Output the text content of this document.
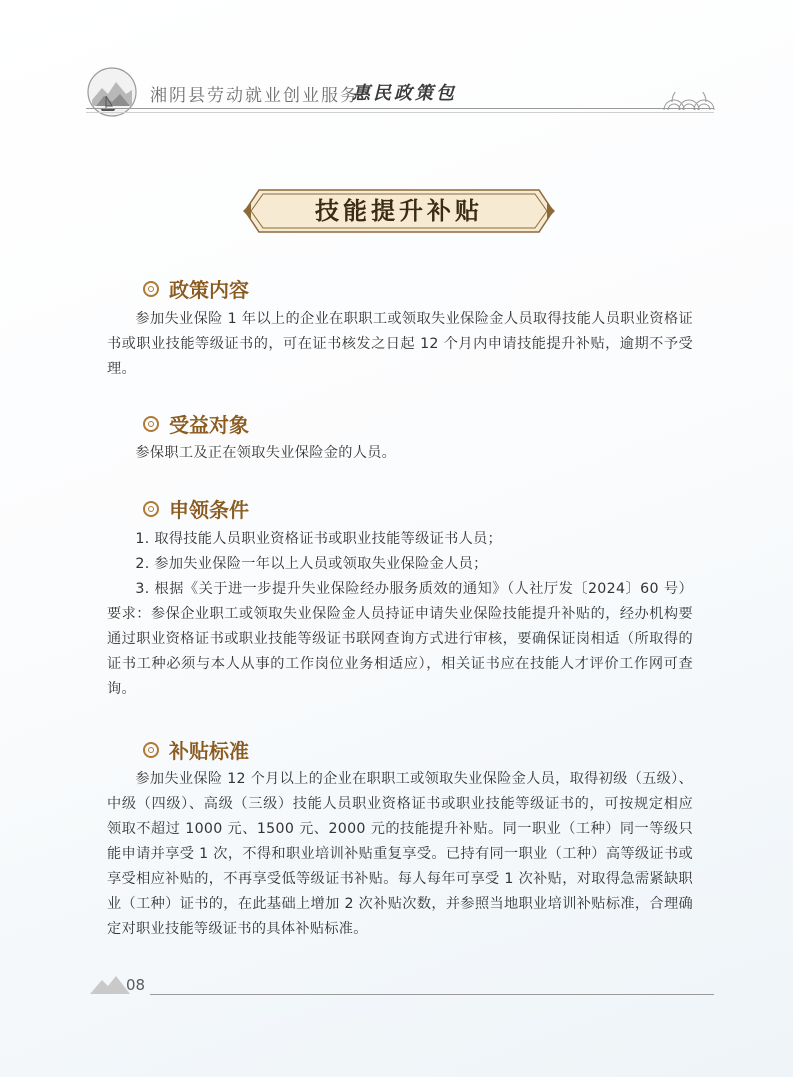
湘阴县劳动就业创业服务
惠民政策包
技能提升补贴
政策内容

参加失业保险 1 年以上的企业在职职工或领取失业保险金人员取得技能人员职业资格证书或职业技能等级证书的，可在证书核发之日起 12 个月内申请技能提升补贴，逾期不予受理。

受益对象

参保职工及正在领取失业保险金的人员。

申领条件

1. 取得技能人员职业资格证书或职业技能等级证书人员；

2. 参加失业保险一年以上人员或领取失业保险金人员；

3. 根据《关于进一步提升失业保险经办服务质效的通知》（人社厅发〔2024〕60 号）要求：参保企业职工或领取失业保险金人员持证申请失业保险技能提升补贴的，经办机构要通过职业资格证书或职业技能等级证书联网查询方式进行审核，要确保证岗相适（所取得的证书工种必须与本人从事的工作岗位业务相适应），相关证书应在技能人才评价工作网可查询。

补贴标准

参加失业保险 12 个月以上的企业在职职工或领取失业保险金人员，取得初级（五级）、中级（四级）、高级（三级）技能人员职业资格证书或职业技能等级证书的，可按规定相应领取不超过 1000 元、1500 元、2000 元的技能提升补贴。同一职业（工种）同一等级只能申请并享受 1 次，不得和职业培训补贴重复享受。已持有同一职业（工种）高等级证书或享受相应补贴的，不再享受低等级证书补贴。每人每年可享受 1 次补贴，对取得急需紧缺职业（工种）证书的，在此基础上增加 2 次补贴次数，并参照当地职业培训补贴标准，合理确定对职业技能等级证书的具体补贴标准。

08
